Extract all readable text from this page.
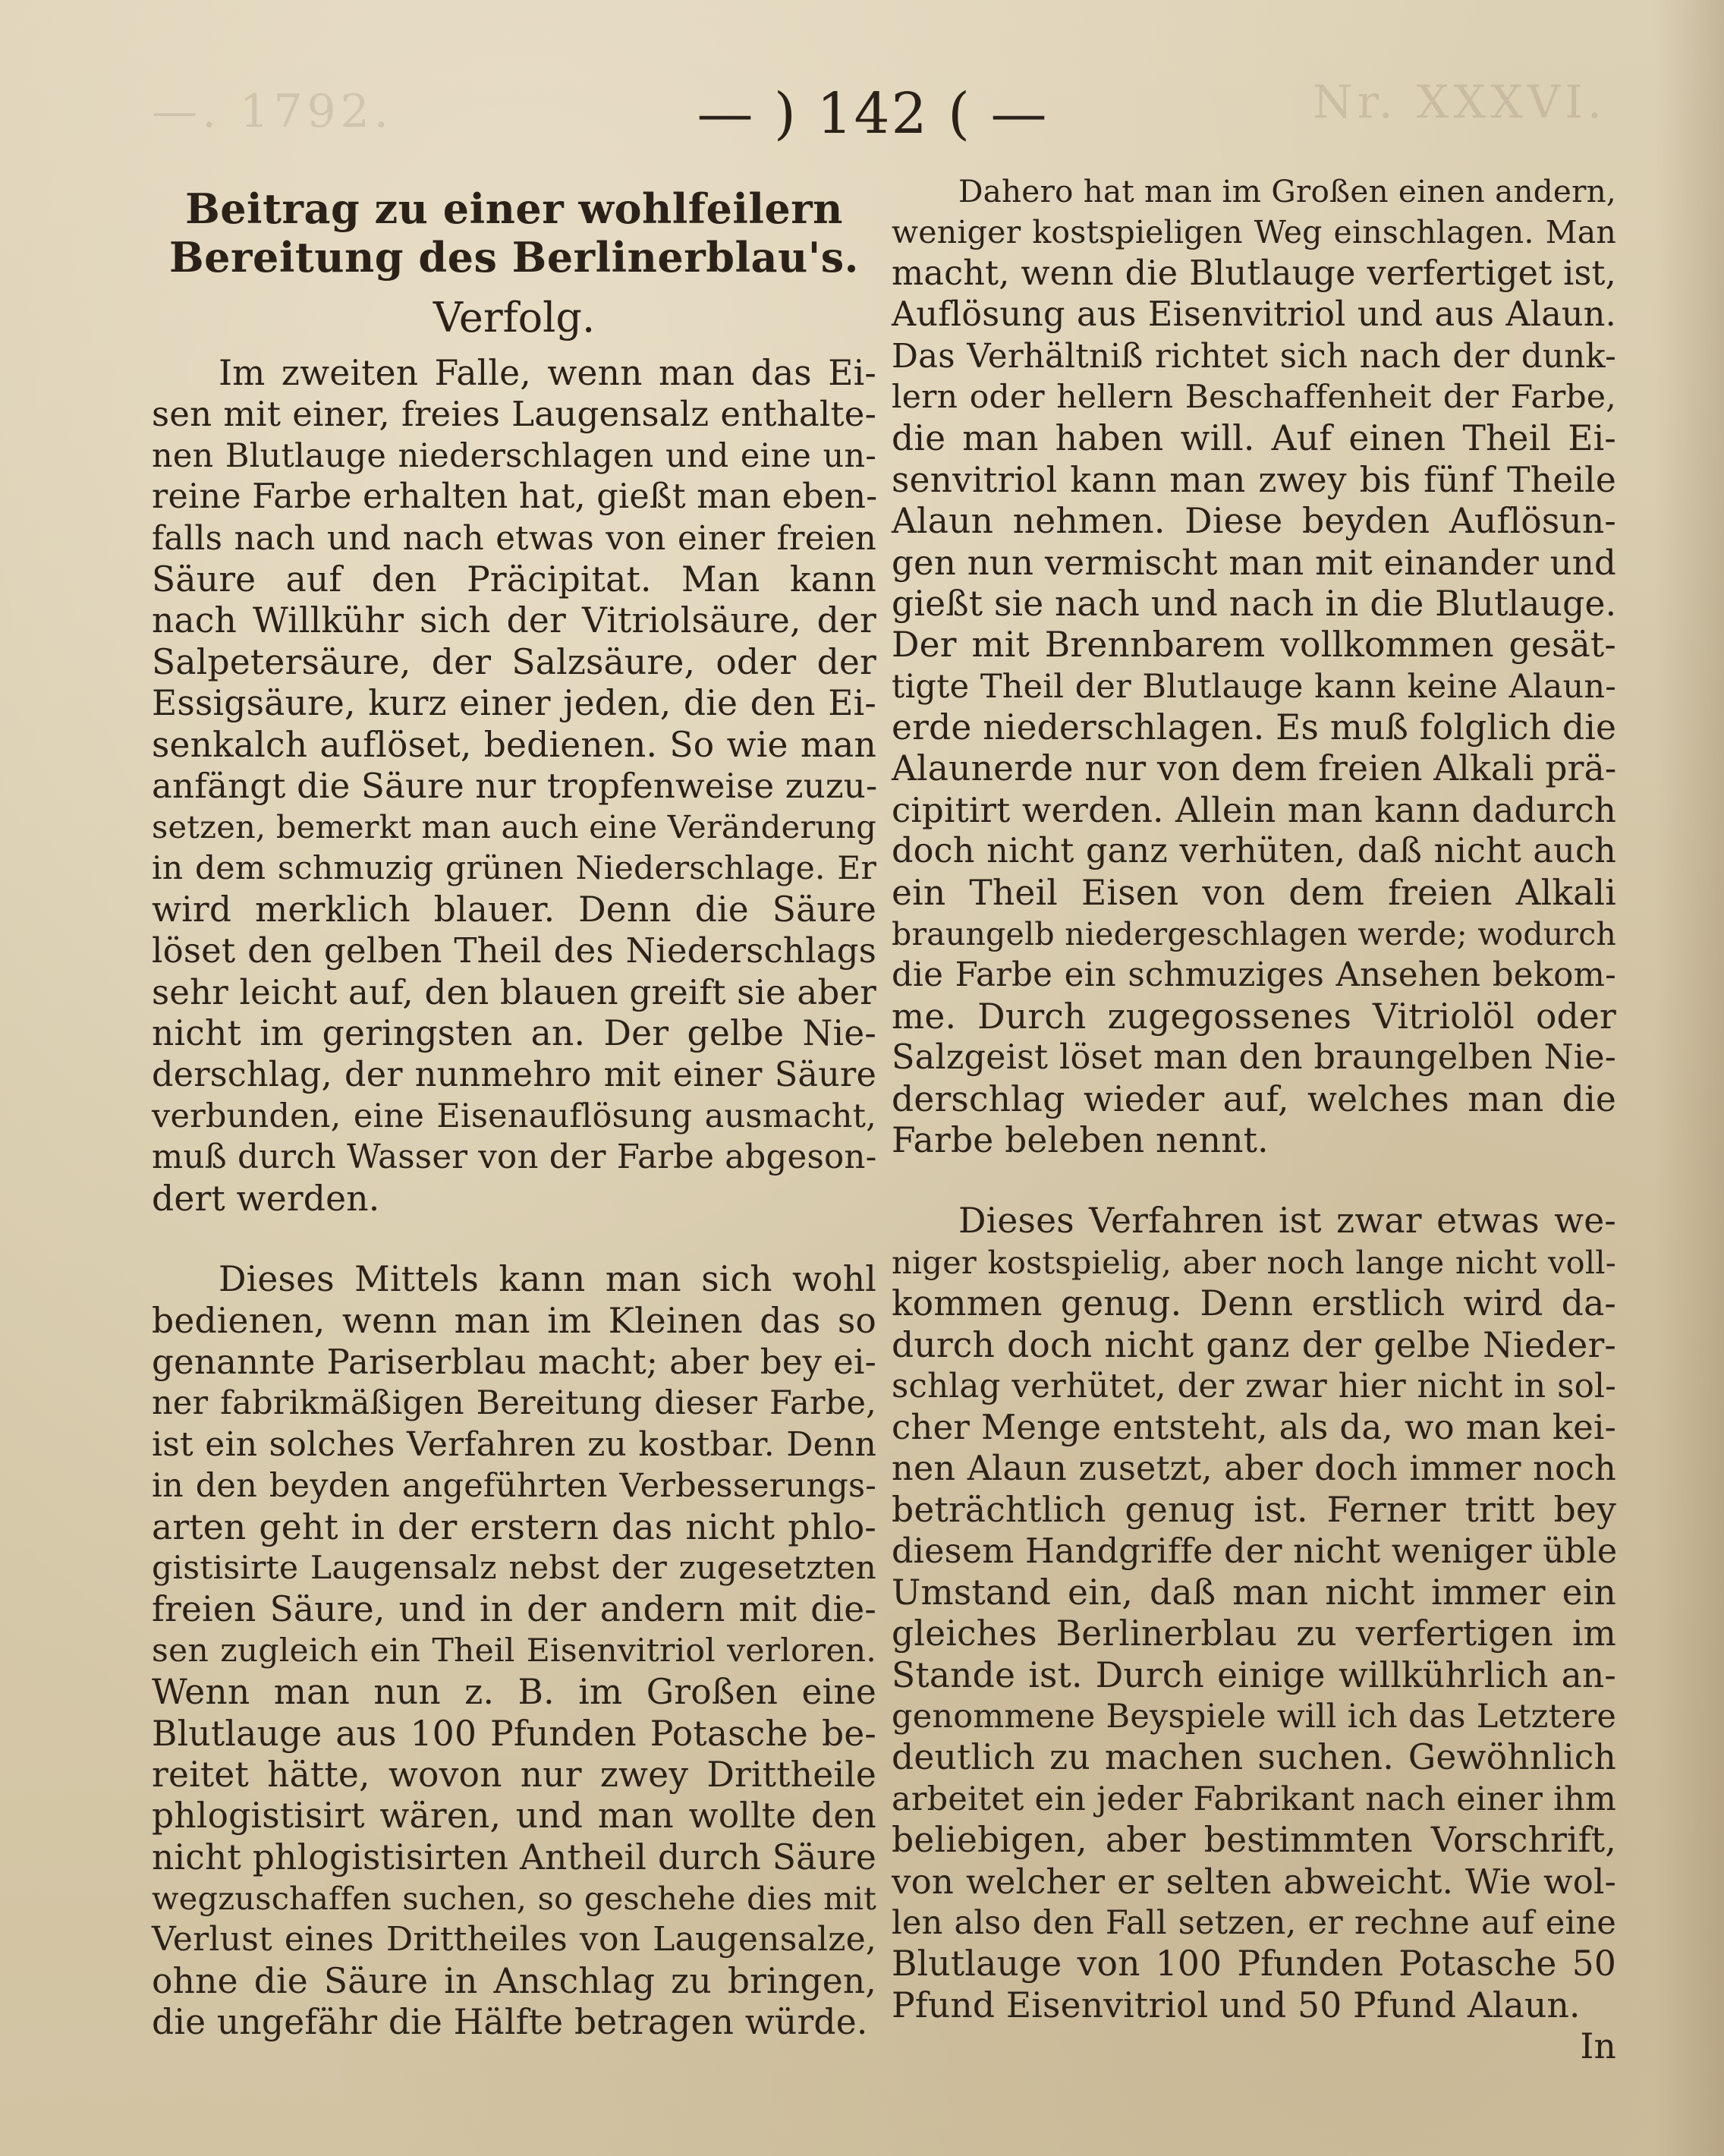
—. 1792.	Nr. XXXVI.
— ) 142 ( —
Beitrag zu einer wohlfeilern Bereitung des Berlinerblau's.
Verfolg.
Im zweiten Falle, wenn man das Ei-
sen mit einer, freies Laugensalz enthalte-
nen Blutlauge niederschlagen und eine un-
reine Farbe erhalten hat, gießt man eben-
falls nach und nach etwas von einer freien
Säure auf den Präcipitat. Man kann
nach Willkühr sich der Vitriolsäure, der
Salpetersäure, der Salzsäure, oder der
Essigsäure, kurz einer jeden, die den Ei-
senkalch auflöset, bedienen. So wie man
anfängt die Säure nur tropfenweise zuzu-
setzen, bemerkt man auch eine Veränderung
in dem schmuzig grünen Niederschlage. Er
wird merklich blauer. Denn die Säure
löset den gelben Theil des Niederschlags
sehr leicht auf, den blauen greift sie aber
nicht im geringsten an. Der gelbe Nie-
derschlag, der nunmehro mit einer Säure
verbunden, eine Eisenauflösung ausmacht,
muß durch Wasser von der Farbe abgeson-
dert werden.
Dieses Mittels kann man sich wohl
bedienen, wenn man im Kleinen das so
genannte Pariserblau macht; aber bey ei-
ner fabrikmäßigen Bereitung dieser Farbe,
ist ein solches Verfahren zu kostbar. Denn
in den beyden angeführten Verbesserungs-
arten geht in der erstern das nicht phlo-
gistisirte Laugensalz nebst der zugesetzten
freien Säure, und in der andern mit die-
sen zugleich ein Theil Eisenvitriol verloren.
Wenn man nun z. B. im Großen eine
Blutlauge aus 100 Pfunden Potasche be-
reitet hätte, wovon nur zwey Drittheile
phlogistisirt wären, und man wollte den
nicht phlogistisirten Antheil durch Säure
wegzuschaffen suchen, so geschehe dies mit
Verlust eines Drittheiles von Laugensalze,
ohne die Säure in Anschlag zu bringen,
die ungefähr die Hälfte betragen würde.
Dahero hat man im Großen einen andern,
weniger kostspieligen Weg einschlagen. Man
macht, wenn die Blutlauge verfertiget ist,
Auflösung aus Eisenvitriol und aus Alaun.
Das Verhältniß richtet sich nach der dunk-
lern oder hellern Beschaffenheit der Farbe,
die man haben will. Auf einen Theil Ei-
senvitriol kann man zwey bis fünf Theile
Alaun nehmen. Diese beyden Auflösun-
gen nun vermischt man mit einander und
gießt sie nach und nach in die Blutlauge.
Der mit Brennbarem vollkommen gesät-
tigte Theil der Blutlauge kann keine Alaun-
erde niederschlagen. Es muß folglich die
Alaunerde nur von dem freien Alkali prä-
cipitirt werden. Allein man kann dadurch
doch nicht ganz verhüten, daß nicht auch
ein Theil Eisen von dem freien Alkali
braungelb niedergeschlagen werde; wodurch
die Farbe ein schmuziges Ansehen bekom-
me. Durch zugegossenes Vitriolöl oder
Salzgeist löset man den braungelben Nie-
derschlag wieder auf, welches man die
Farbe beleben nennt.
Dieses Verfahren ist zwar etwas we-
niger kostspielig, aber noch lange nicht voll-
kommen genug. Denn erstlich wird da-
durch doch nicht ganz der gelbe Nieder-
schlag verhütet, der zwar hier nicht in sol-
cher Menge entsteht, als da, wo man kei-
nen Alaun zusetzt, aber doch immer noch
beträchtlich genug ist. Ferner tritt bey
diesem Handgriffe der nicht weniger üble
Umstand ein, daß man nicht immer ein
gleiches Berlinerblau zu verfertigen im
Stande ist. Durch einige willkührlich an-
genommene Beyspiele will ich das Letztere
deutlich zu machen suchen. Gewöhnlich
arbeitet ein jeder Fabrikant nach einer ihm
beliebigen, aber bestimmten Vorschrift,
von welcher er selten abweicht. Wie wol-
len also den Fall setzen, er rechne auf eine
Blutlauge von 100 Pfunden Potasche 50
Pfund Eisenvitriol und 50 Pfund Alaun.
In
